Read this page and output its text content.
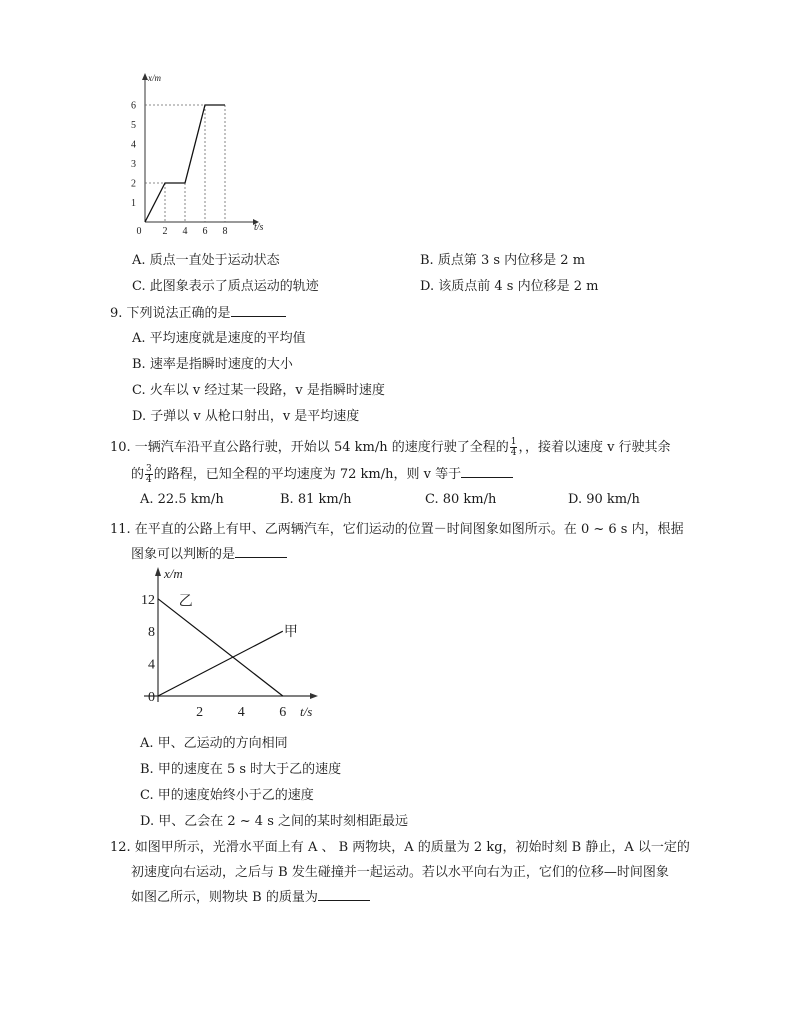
x/m
t/s
1
2
3
4
5
6
0 2 4 6 8
A. 质点一直处于运动状态	B. 质点第 3 s 内位移是 2 m
C. 此图象表示了质点运动的轨迹	D. 该质点前 4 s 内位移是 2 m
9. 下列说法正确的是
A. 平均速度就是速度的平均值
B. 速率是指瞬时速度的大小
C. 火车以 v 经过某一段路，v 是指瞬时速度
D. 子弹以 v 从枪口射出，v 是平均速度
10. 一辆汽车沿平直公路行驶，开始以 54 km/h 的速度行驶了全程的 $\frac{1}{4}$ ，，接着以速度 v 行驶其余
的 $\frac{3}{4}$ 的路程，已知全程的平均速度为 72 km/h，则 v 等于
A. 22.5 km/h	B. 81 km/h	C. 80 km/h	D. 90 km/h
11. 在平直的公路上有甲、乙两辆汽车，它们运动的位置－时间图象如图所示。在 0 ~ 6 s 内，根据
图象可以判断的是
x/m
t/s
0
4
8
12
2 4 6
乙
甲
A. 甲、乙运动的方向相同
B. 甲的速度在 5 s 时大于乙的速度
C. 甲的速度始终小于乙的速度
D. 甲、乙会在 2 ~ 4 s 之间的某时刻相距最远
12. 如图甲所示，光滑水平面上有 A 、 B 两物块，A 的质量为 2 kg，初始时刻 B 静止，A 以一定的
初速度向右运动，之后与 B 发生碰撞并一起运动。若以水平向右为正，它们的位移—时间图象
如图乙所示，则物块 B 的质量为
